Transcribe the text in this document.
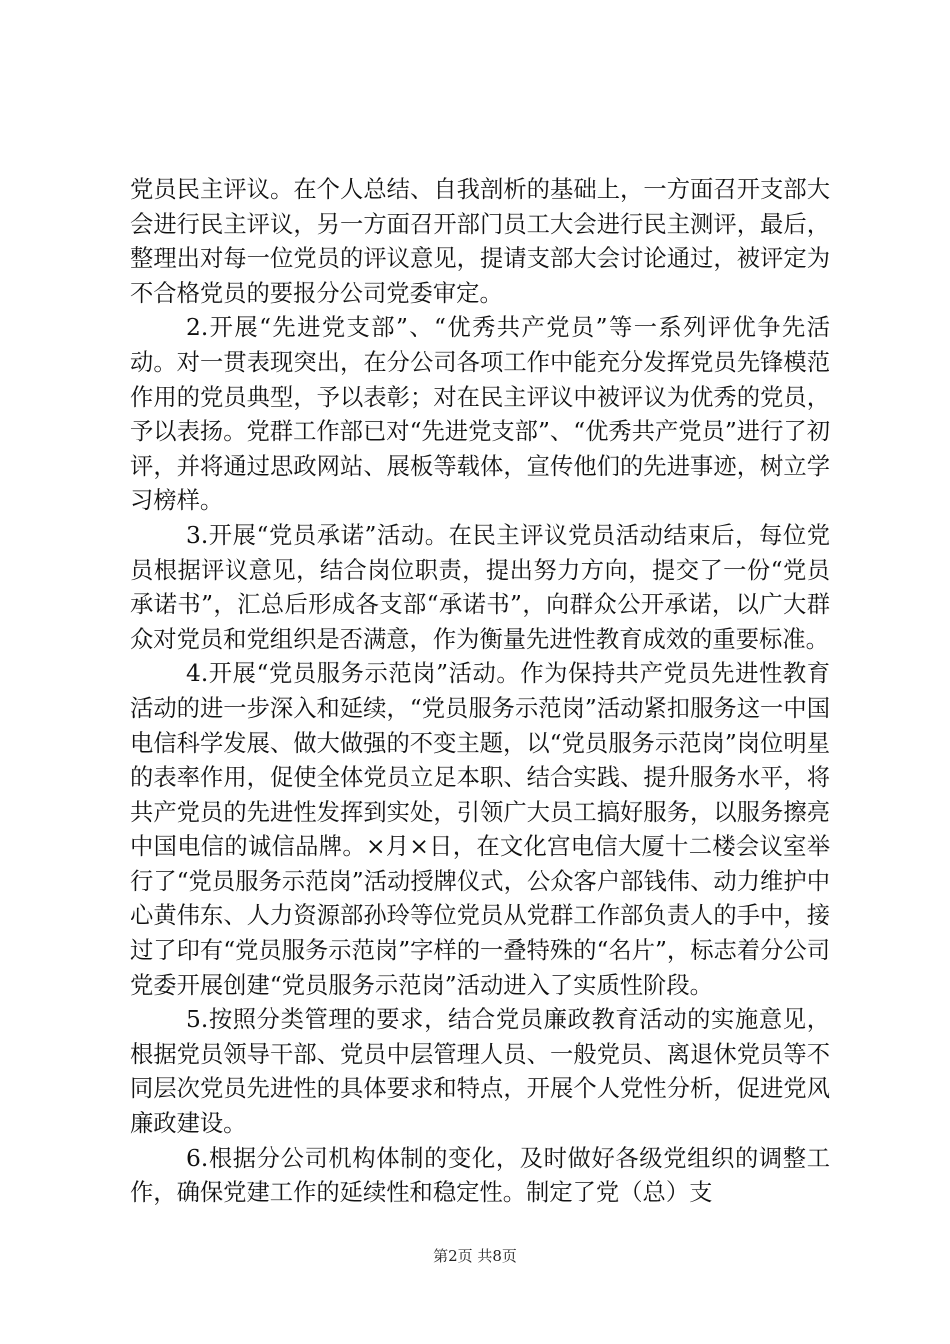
党员民主评议。在个人总结、自我剖析的基础上，一方面召开支部大会进行民主评议，另一方面召开部门员工大会进行民主测评，最后，整理出对每一位党员的评议意见，提请支部大会讨论通过，被评定为不合格党员的要报分公司党委审定。

2.开展“先进党支部”、“优秀共产党员”等一系列评优争先活动。对一贯表现突出，在分公司各项工作中能充分发挥党员先锋模范作用的党员典型，予以表彰；对在民主评议中被评议为优秀的党员，予以表扬。党群工作部已对“先进党支部”、“优秀共产党员”进行了初评，并将通过思政网站、展板等载体，宣传他们的先进事迹，树立学习榜样。

3.开展“党员承诺”活动。在民主评议党员活动结束后，每位党员根据评议意见，结合岗位职责，提出努力方向，提交了一份“党员承诺书”，汇总后形成各支部“承诺书”，向群众公开承诺，以广大群众对党员和党组织是否满意，作为衡量先进性教育成效的重要标准。

4.开展“党员服务示范岗”活动。作为保持共产党员先进性教育活动的进一步深入和延续，“党员服务示范岗”活动紧扣服务这一中国电信科学发展、做大做强的不变主题，以“党员服务示范岗”岗位明星的表率作用，促使全体党员立足本职、结合实践、提升服务水平，将共产党员的先进性发挥到实处，引领广大员工搞好服务，以服务擦亮中国电信的诚信品牌。×月×日，在文化宫电信大厦十二楼会议室举行了“党员服务示范岗”活动授牌仪式，公众客户部钱伟、动力维护中心黄伟东、人力资源部孙玲等位党员从党群工作部负责人的手中，接过了印有“党员服务示范岗”字样的一叠特殊的“名片”，标志着分公司党委开展创建“党员服务示范岗”活动进入了实质性阶段。

5.按照分类管理的要求，结合党员廉政教育活动的实施意见，根据党员领导干部、党员中层管理人员、一般党员、离退休党员等不同层次党员先进性的具体要求和特点，开展个人党性分析，促进党风廉政建设。

6.根据分公司机构体制的变化，及时做好各级党组织的调整工作，确保党建工作的延续性和稳定性。制定了党（总）支

第2页 共8页
